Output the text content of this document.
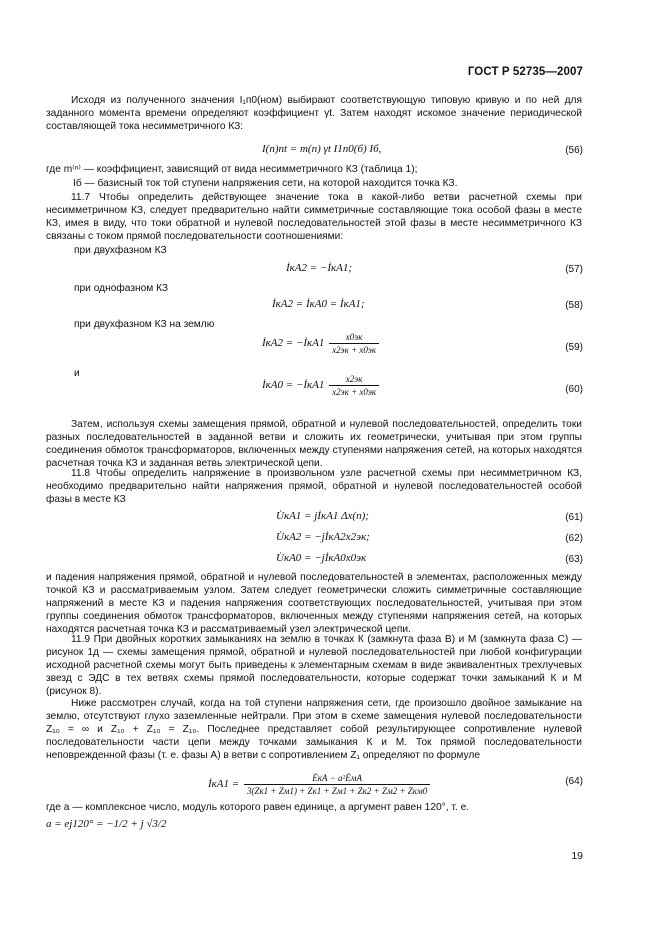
ГОСТ Р 52735—2007

Исходя из полученного значения I₁п0(ном) выбирают соответствующую типовую кривую и по ней для заданного момента времени определяют коэффициент γt. Затем находят искомое значение периодической составляющей тока несимметричного КЗ:

I(n)пt = m(n) γt I1п0(б) Iб,	(56)

где m⁽ⁿ⁾ — коэффициент, зависящий от вида несимметричного КЗ (таблица 1);

Iб — базисный ток той ступени напряжения сети, на которой находится точка КЗ.

11.7 Чтобы определить действующее значение тока в какой-либо ветви расчетной схемы при несимметричном КЗ, следует предварительно найти симметричные составляющие тока особой фазы в месте КЗ, имея в виду, что токи обратной и нулевой последовательностей этой фазы в месте несимметричного КЗ связаны с током прямой последовательности соотношениями:

при двухфазном КЗ
İкА2 = −İкА1;	(57)
при однофазном КЗ
İкА2 = İкА0 = İкА1;	(58)
при двухфазном КЗ на землю
İкА2 = −İкА1 $\frac{x0эк}{x2эк + x0эк}$	(59)
и
İкА0 = −İкА1 $\frac{x2эк}{x2эк + x0эк}$	(60)

Затем, используя схемы замещения прямой, обратной и нулевой последовательностей, определить токи разных последовательностей в заданной ветви и сложить их геометрически, учитывая при этом группы соединения обмоток трансформаторов, включенных между ступенями напряжения сетей, на которых находятся расчетная точка КЗ и заданная ветвь электрической цепи.

11.8 Чтобы определить напряжение в произвольном узле расчетной схемы при несимметричном КЗ, необходимо предварительно найти напряжения прямой, обратной и нулевой последовательностей особой фазы в месте КЗ

U̇кА1 = jİкА1 Δx(n);	(61)
U̇кА2 = −jİкА2x2эк;	(62)
U̇кА0 = −jİкА0x0эк	(63)

и падения напряжения прямой, обратной и нулевой последовательностей в элементах, расположенных между точкой КЗ и рассматриваемым узлом. Затем следует геометрически сложить симметричные составляющие напряжений в месте КЗ и падения напряжения соответствующих последовательностей, учитывая при этом группы соединения обмоток трансформаторов, включенных между ступенями напряжения сетей, на которых находятся расчетная точка КЗ и рассматриваемый узел электрической цепи.

11.9 При двойных коротких замыканиях на землю в точках К (замкнута фаза В) и М (замкнута фаза С) — рисунок 1д — схемы замещения прямой, обратной и нулевой последовательностей при любой конфигурации исходной расчетной схемы могут быть приведены к элементарным схемам в виде эквивалентных трехлучевых звезд с ЭДС в тех ветвях схемы прямой последовательности, которые содержат точки замыканий К и М (рисунок 8).

Ниже рассмотрен случай, когда на той ступени напряжения сети, где произошло двойное замыкание на землю, отсутствуют глухо заземленные нейтрали. При этом в схеме замещения нулевой последовательности Z₁₀ = ∞ и Z₁₀ + Z₁₀ = Z₁₀. Последнее представляет собой результирующее сопротивление нулевой последовательности части цепи между точками замыкания К и М. Ток прямой последовательности неповрежденной фазы (т. е. фазы А) в ветви с сопротивлением Z₁ определяют по формуле

İкА1 = $\frac{\text{ĖкА − a²ĖмА}}{\text{3(Zк1 + Zм1) + Zк1 + Zм1 + Zк2 + Zм2 + Zкм0}}$	(64)

где а — комплексное число, модуль которого равен единице, а аргумент равен 120°, т. е.

a = ej120° = −1/2 + j √3/2
19
